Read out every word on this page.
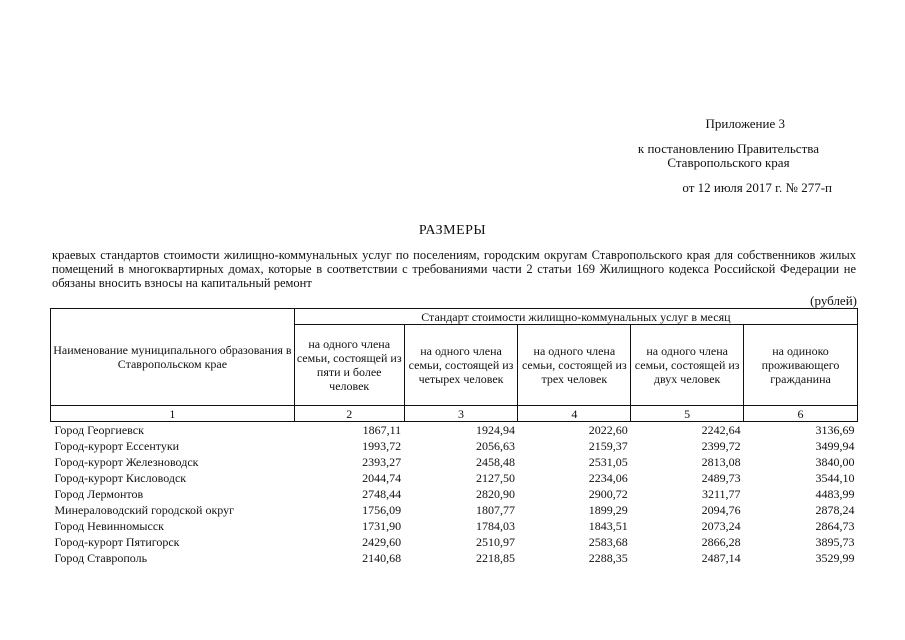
Приложение 3
к постановлению Правительства
Ставропольского края
от 12 июля 2017 г. № 277-п
РАЗМЕРЫ
краевых стандартов стоимости жилищно-коммунальных услуг по поселениям, городским округам Ставропольского края для собственников жилых помещений в многоквартирных домах, которые в соответствии с требованиями части 2 статьи 169 Жилищного кодекса Российской Федерации не обязаны вносить взносы на капитальный ремонт
(рублей)
Наименование муниципального образования в Ставропольском крае	Стандарт стоимости жилищно-коммунальных услуг в месяц				
	на одного члена семьи, состоящей из пяти и более человек	на одного члена семьи, состоящей из четырех человек	на одного члена семьи, состоящей из трех человек	на одного члена семьи, состоящей из двух человек	на одиноко проживающего гражданина
1	2	3	4	5	6
Город Георгиевск	1867,11	1924,94	2022,60	2242,64	3136,69
Город-курорт Ессентуки	1993,72	2056,63	2159,37	2399,72	3499,94
Город-курорт Железноводск	2393,27	2458,48	2531,05	2813,08	3840,00
Город-курорт Кисловодск	2044,74	2127,50	2234,06	2489,73	3544,10
Город Лермонтов	2748,44	2820,90	2900,72	3211,77	4483,99
Минераловодский городской округ	1756,09	1807,77	1899,29	2094,76	2878,24
Город Невинномысск	1731,90	1784,03	1843,51	2073,24	2864,73
Город-курорт Пятигорск	2429,60	2510,97	2583,68	2866,28	3895,73
Город Ставрополь	2140,68	2218,85	2288,35	2487,14	3529,99
